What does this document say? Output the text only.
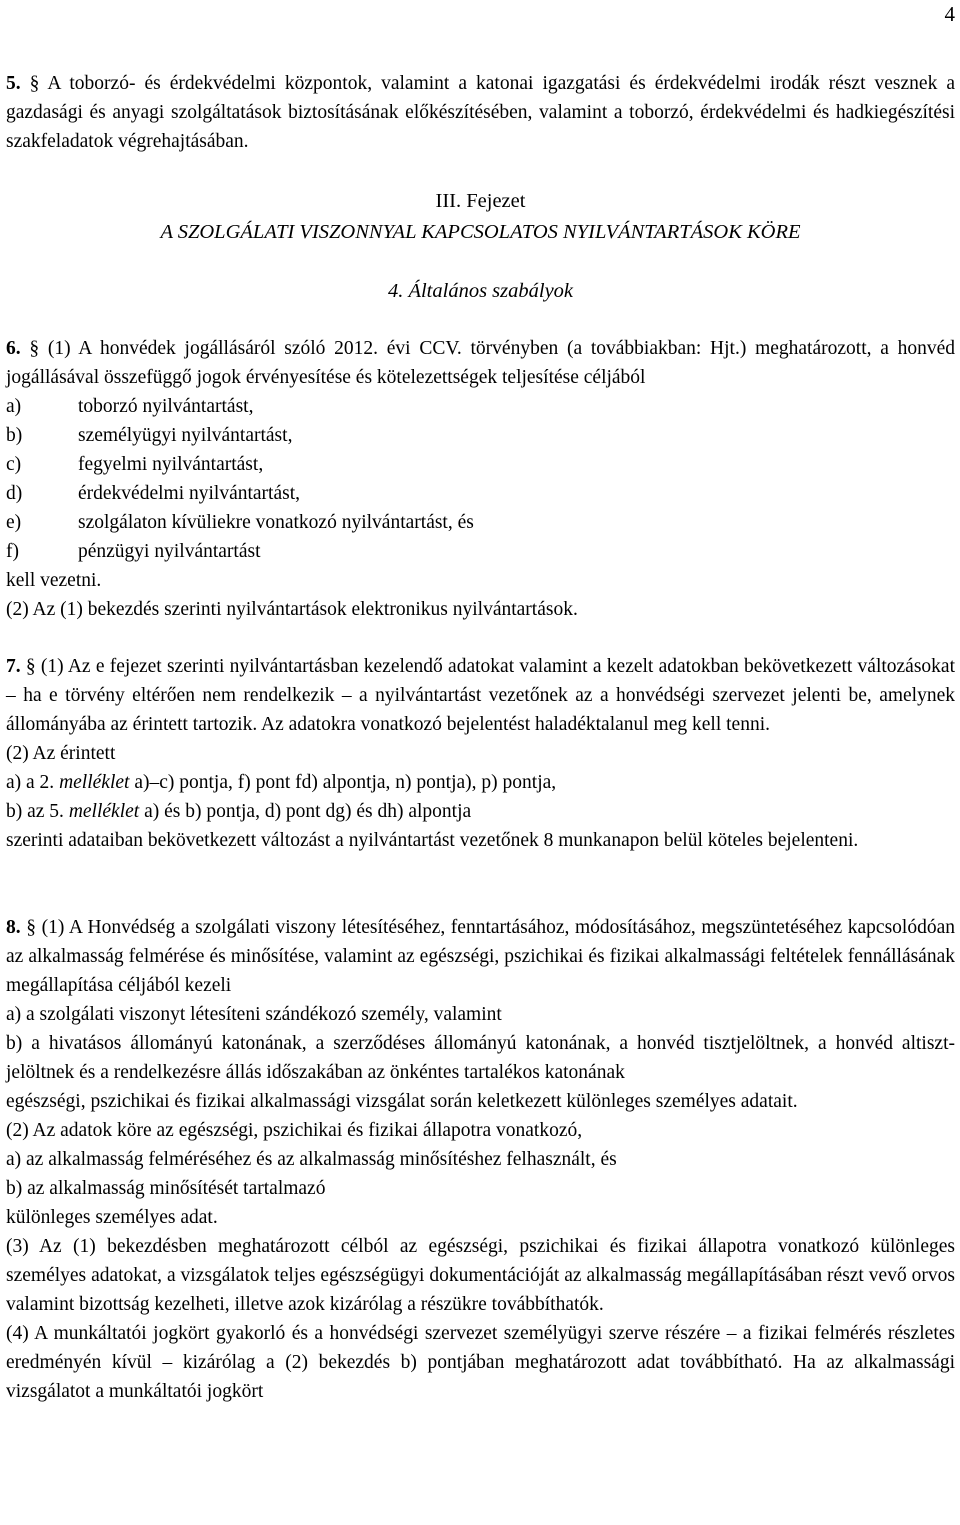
4

5. § A toborzó- és érdekvédelmi központok, valamint a katonai igazgatási és érdekvédelmi irodák részt vesznek a gazdasági és anyagi szolgáltatások biztosításának előkészítésében, valamint a toborzó, érdekvédelmi és hadkiegészítési szakfeladatok végrehajtásában.

III. Fejezet

A SZOLGÁLATI VISZONNYAL KAPCSOLATOS NYILVÁNTARTÁSOK KÖRE

4. Általános szabályok

6. § (1) A honvédek jogállásáról szóló 2012. évi CCV. törvényben (a továbbiakban: Hjt.) meghatározott, a honvéd jogállásával összefüggő jogok érvényesítése és kötelezettségek teljesítése céljából

a)	toborzó nyilvántartást,
b)	személyügyi nyilvántartást,
c)	fegyelmi nyilvántartást,
d)	érdekvédelmi nyilvántartást,
e)	szolgálaton kívüliekre vonatkozó nyilvántartást, és
f)	pénzügyi nyilvántartást

kell vezetni.

(2) Az (1) bekezdés szerinti nyilvántartások elektronikus nyilvántartások.

7. § (1) Az e fejezet szerinti nyilvántartásban kezelendő adatokat valamint a kezelt adatokban bekövetkezett változásokat – ha e törvény eltérően nem rendelkezik – a nyilvántartást vezetőnek az a honvédségi szervezet jelenti be, amelynek állományába az érintett tartozik. Az adatokra vonatkozó bejelentést haladéktalanul meg kell tenni.

(2) Az érintett

a) a 2. melléklet a)–c) pontja, f) pont fd) alpontja, n) pontja), p) pontja,

b) az 5. melléklet a) és b) pontja, d) pont dg) és dh) alpontja

szerinti adataiban bekövetkezett változást a nyilvántartást vezetőnek 8 munkanapon belül köteles bejelenteni.

8. § (1) A Honvédség a szolgálati viszony létesítéséhez, fenntartásához, módosításához, megszüntetéséhez kapcsolódóan az alkalmasság felmérése és minősítése, valamint az egészségi, pszichikai és fizikai alkalmassági feltételek fennállásának megállapítása céljából kezeli

a) a szolgálati viszonyt létesíteni szándékozó személy, valamint

b) a hivatásos állományú katonának, a szerződéses állományú katonának, a honvéd tisztjelöltnek, a honvéd altiszt-jelöltnek és a rendelkezésre állás időszakában az önkéntes tartalékos katonának

egészségi, pszichikai és fizikai alkalmassági vizsgálat során keletkezett különleges személyes adatait.

(2) Az adatok köre az egészségi, pszichikai és fizikai állapotra vonatkozó,

a) az alkalmasság felméréséhez és az alkalmasság minősítéshez felhasznált, és

b) az alkalmasság minősítését tartalmazó

különleges személyes adat.

(3) Az (1) bekezdésben meghatározott célból az egészségi, pszichikai és fizikai állapotra vonatkozó különleges személyes adatokat, a vizsgálatok teljes egészségügyi dokumentációját az alkalmasság megállapításában részt vevő orvos valamint bizottság kezelheti, illetve azok kizárólag a részükre továbbíthatók.

(4) A munkáltatói jogkört gyakorló és a honvédségi szervezet személyügyi szerve részére – a fizikai felmérés részletes eredményén kívül – kizárólag a (2) bekezdés b) pontjában meghatározott adat továbbítható. Ha az alkalmassági vizsgálatot a munkáltatói jogkört
